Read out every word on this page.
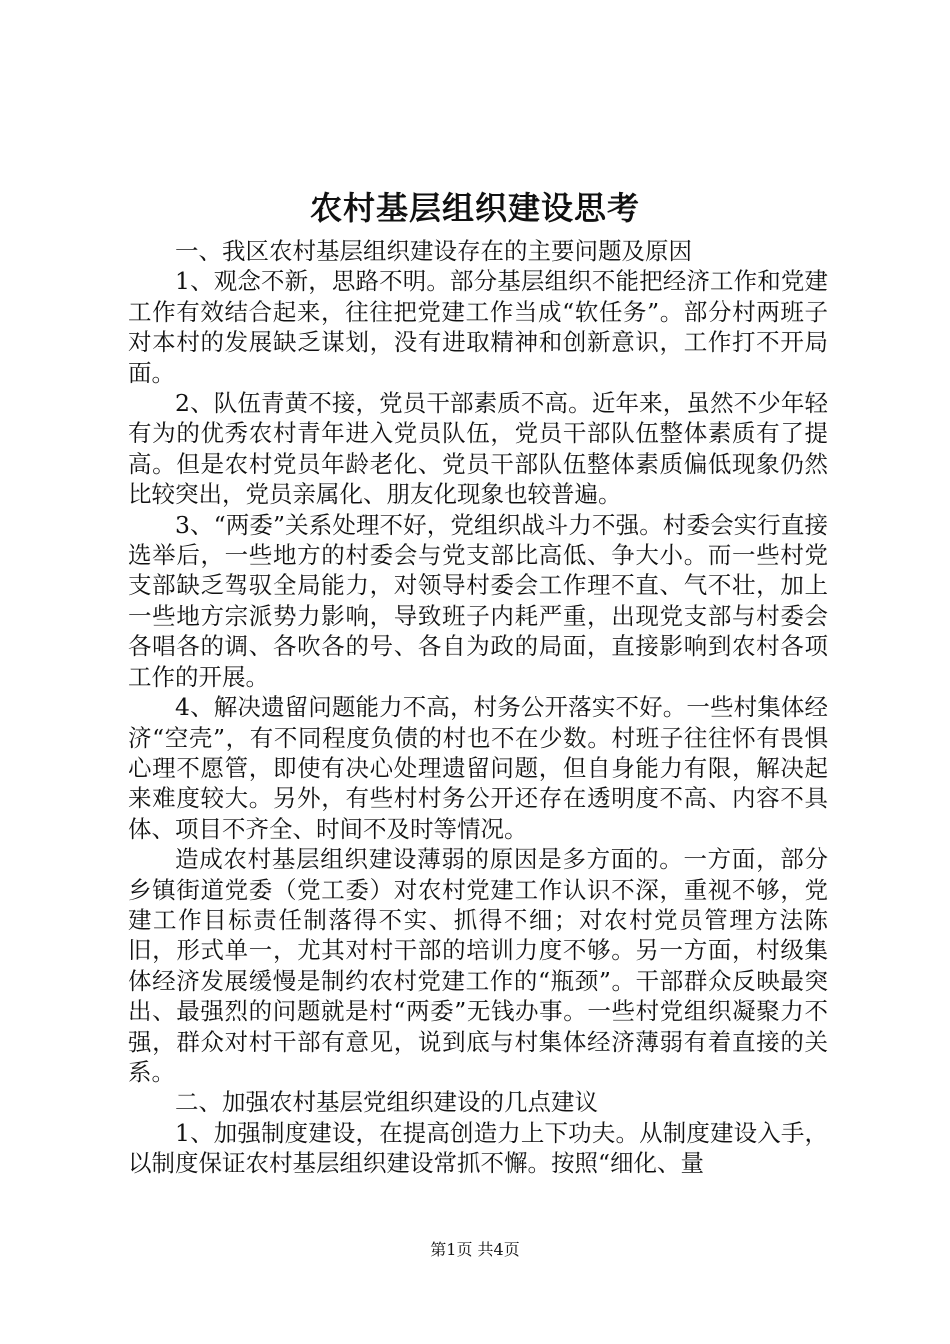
农村基层组织建设思考

一、我区农村基层组织建设存在的主要问题及原因

1、观念不新，思路不明。部分基层组织不能把经济工作和党建工作有效结合起来，往往把党建工作当成“软任务”。部分村两班子对本村的发展缺乏谋划，没有进取精神和创新意识，工作打不开局面。

2、队伍青黄不接，党员干部素质不高。近年来，虽然不少年轻有为的优秀农村青年进入党员队伍，党员干部队伍整体素质有了提高。但是农村党员年龄老化、党员干部队伍整体素质偏低现象仍然比较突出，党员亲属化、朋友化现象也较普遍。

3、“两委”关系处理不好，党组织战斗力不强。村委会实行直接选举后，一些地方的村委会与党支部比高低、争大小。而一些村党支部缺乏驾驭全局能力，对领导村委会工作理不直、气不壮，加上一些地方宗派势力影响，导致班子内耗严重，出现党支部与村委会各唱各的调、各吹各的号、各自为政的局面，直接影响到农村各项工作的开展。

4、解决遗留问题能力不高，村务公开落实不好。一些村集体经济“空壳”，有不同程度负债的村也不在少数。村班子往往怀有畏惧心理不愿管，即使有决心处理遗留问题，但自身能力有限，解决起来难度较大。另外，有些村村务公开还存在透明度不高、内容不具体、项目不齐全、时间不及时等情况。

造成农村基层组织建设薄弱的原因是多方面的。一方面，部分乡镇街道党委（党工委）对农村党建工作认识不深，重视不够，党建工作目标责任制落得不实、抓得不细；对农村党员管理方法陈旧，形式单一，尤其对村干部的培训力度不够。另一方面，村级集体经济发展缓慢是制约农村党建工作的“瓶颈”。干部群众反映最突出、最强烈的问题就是村“两委”无钱办事。一些村党组织凝聚力不强，群众对村干部有意见，说到底与村集体经济薄弱有着直接的关系。

二、加强农村基层党组织建设的几点建议

1、加强制度建设，在提高创造力上下功夫。从制度建设入手，以制度保证农村基层组织建设常抓不懈。按照“细化、量

第1页 共4页
